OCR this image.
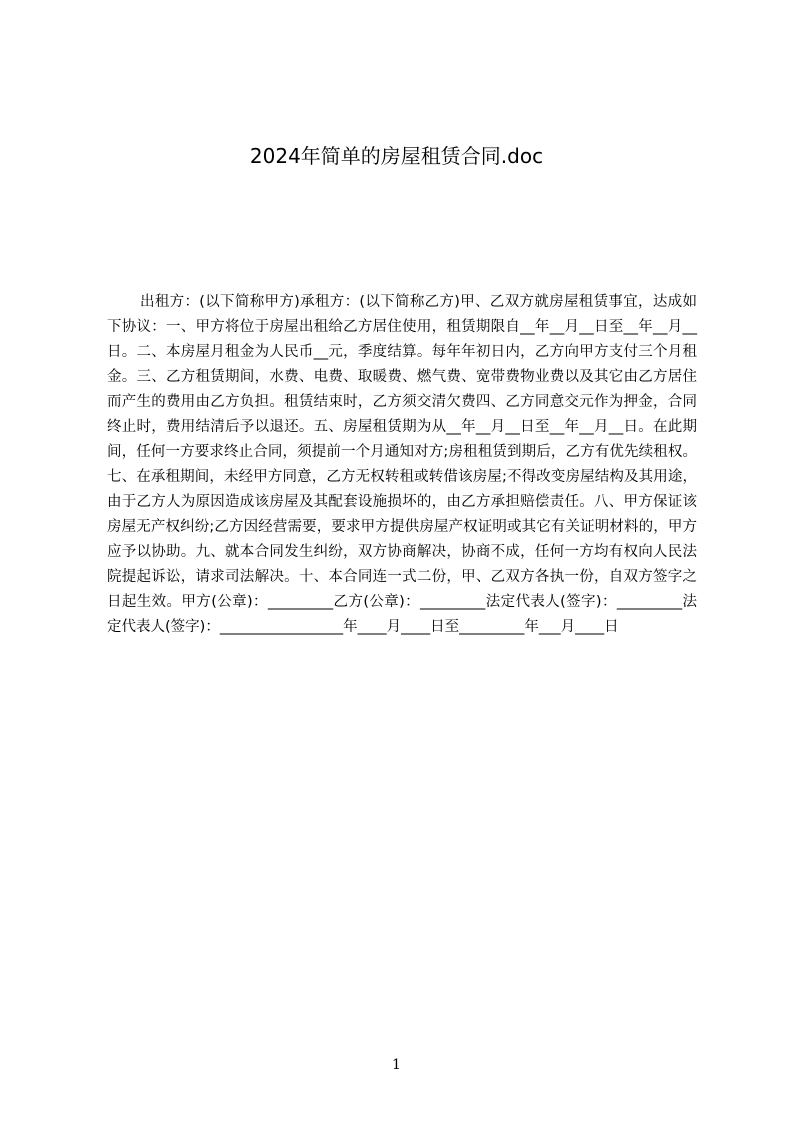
2024年简单的房屋租赁合同.doc

出租方：(以下简称甲方)承租方：(以下简称乙方)甲、乙双方就房屋租赁事宜，达成如下协议：一、甲方将位于房屋出租给乙方居住使用，租赁期限自__年__月__日至__年__月__日。二、本房屋月租金为人民币__元，季度结算。每年年初日内，乙方向甲方支付三个月租金。三、乙方租赁期间，水费、电费、取暖费、燃气费、宽带费物业费以及其它由乙方居住而产生的费用由乙方负担。租赁结束时，乙方须交清欠费四、乙方同意交元作为押金，合同终止时，费用结清后予以退还。五、房屋租赁期为从__年__月__日至__年__月__日。在此期间，任何一方要求终止合同，须提前一个月通知对方;房租租赁到期后，乙方有优先续租权。七、在承租期间，未经甲方同意，乙方无权转租或转借该房屋;不得改变房屋结构及其用途，由于乙方人为原因造成该房屋及其配套设施损坏的，由乙方承担赔偿责任。八、甲方保证该房屋无产权纠纷;乙方因经营需要，要求甲方提供房屋产权证明或其它有关证明材料的，甲方应予以协助。九、就本合同发生纠纷，双方协商解决，协商不成，任何一方均有权向人民法院提起诉讼，请求司法解决。十、本合同连一式二份，甲、乙双方各执一份，自双方签字之日起生效。甲方(公章)：_________乙方(公章)：_________法定代表人(签字)：_________法定代表人(签字)：_________________年____月____日至_________年___月____日

1
